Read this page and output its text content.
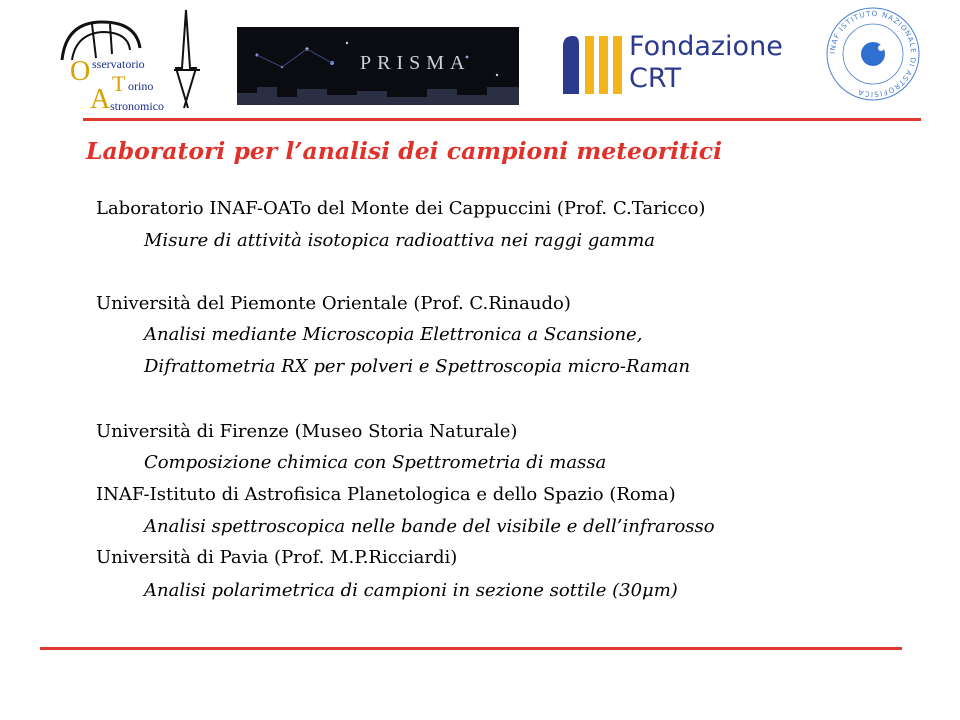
O sservatorio
T orino
A stronomico
PRISMA
Fondazione
CRT
INAF ISTITUTO NAZIONALE DI ASTROFISICA
Laboratori per l’analisi dei campioni meteoritici

Laboratorio INAF-OATo del Monte dei Cappuccini (Prof. C.Taricco)

Misure di attività isotopica radioattiva nei raggi gamma

Università del Piemonte Orientale (Prof. C.Rinaudo)

Analisi mediante Microscopia Elettronica a Scansione,

Difrattometria RX per polveri e Spettroscopia micro-Raman

Università di Firenze (Museo Storia Naturale)

Composizione chimica con Spettrometria di massa

INAF-Istituto di Astrofisica Planetologica e dello Spazio (Roma)

Analisi spettroscopica nelle bande del visibile e dell’infrarosso

Università di Pavia (Prof. M.P.Ricciardi)

Analisi polarimetrica di campioni in sezione sottile (30μm)
